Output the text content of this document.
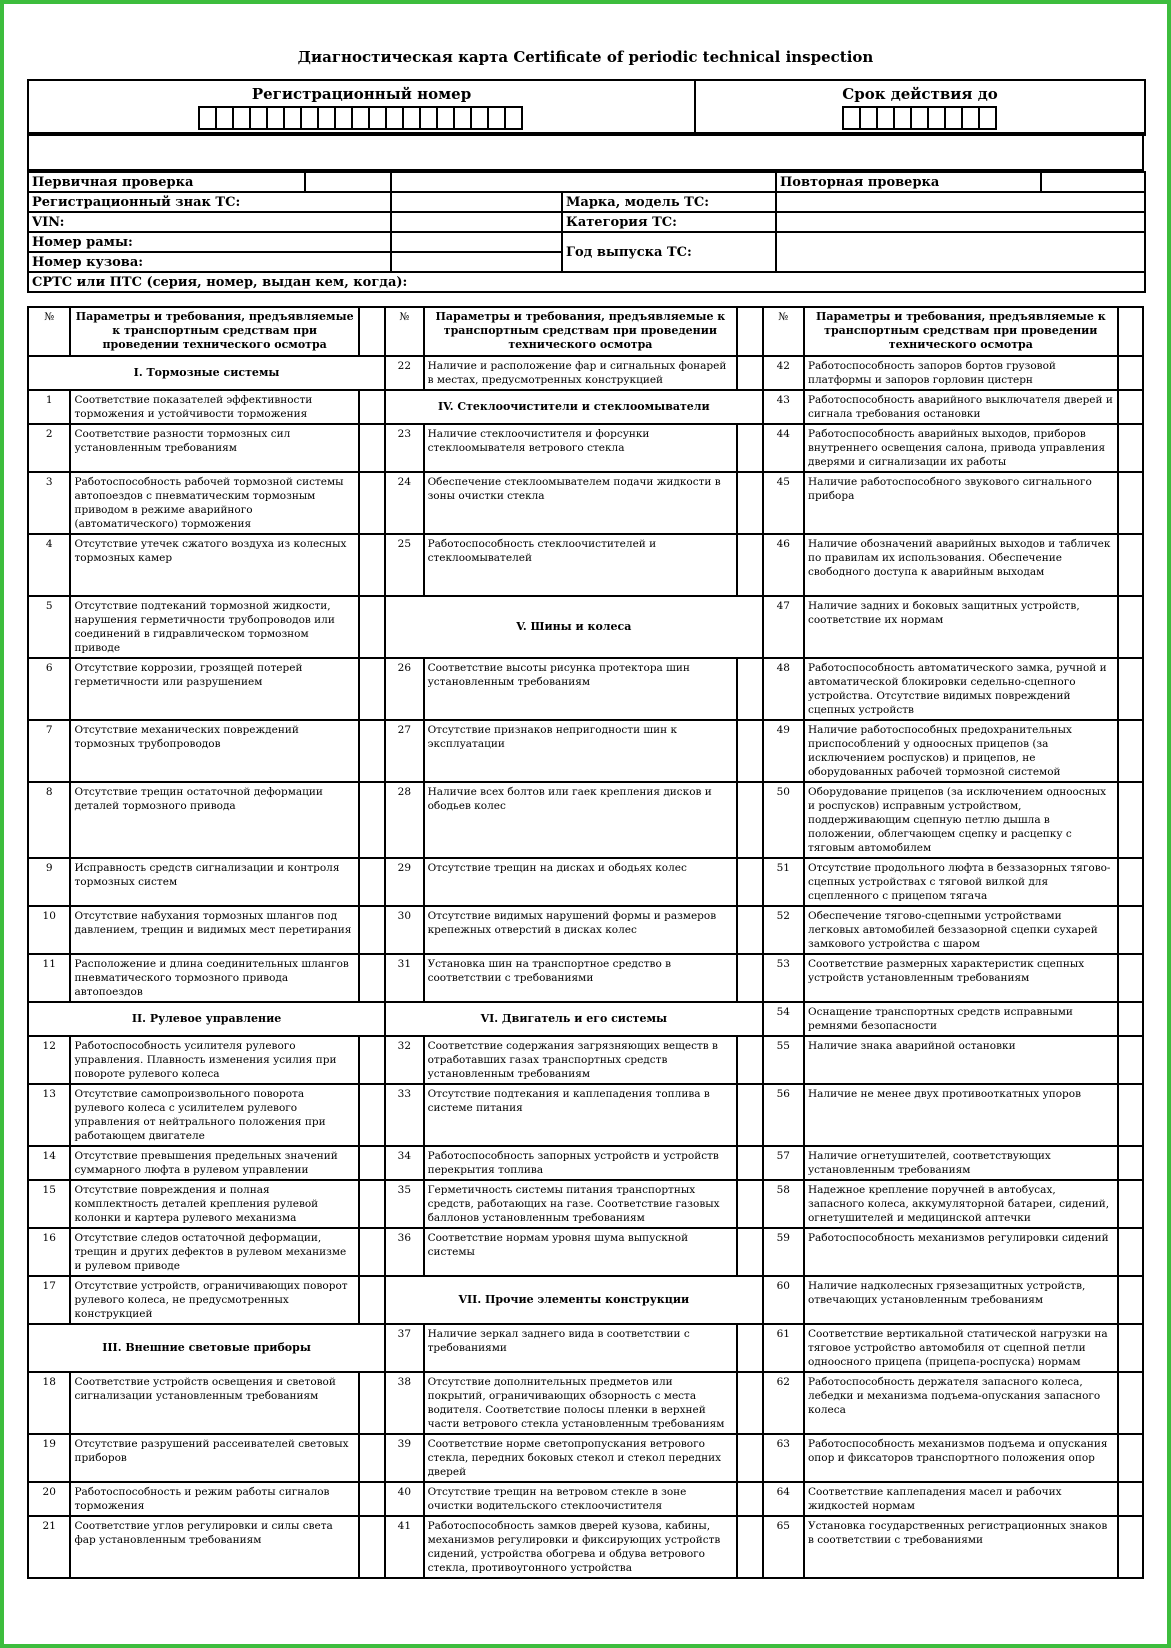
Диагностическая карта Certificate of periodic technical inspection
Регистрационный номер	Срок действия до
Первичная проверка				Повторная проверка	
Регистрационный знак ТС:			Марка, модель ТС:		
VIN:			Категория ТС:		
Номер рамы:			Год выпуска ТС:		
Номер кузова:					
СРТС или ПТС (серия, номер, выдан кем, когда):					
№	Параметры и требования, предъявляемые к транспортным средствам при проведении технического осмотра		№	Параметры и требования, предъявляемые к транспортным средствам при проведении технического осмотра		№	Параметры и требования, предъявляемые к транспортным средствам при проведении технического осмотра	
I. Тормозные системы			22	Наличие и расположение фар и сигнальных фонарей в местах, предусмотренных конструкцией		42	Работоспособность запоров бортов грузовой платформы и запоров горловин цистерн	
1	Соответствие показателей эффективности торможения и устойчивости торможения		IV. Стеклоочистители и стеклоомыватели			43	Работоспособность аварийного выключателя дверей и сигнала требования остановки	
2	Соответствие разности тормозных сил установленным требованиям		23	Наличие стеклоочистителя и форсунки стеклоомывателя ветрового стекла		44	Работоспособность аварийных выходов, приборов внутреннего освещения салона, привода управления дверями и сигнализации их работы	
3	Работоспособность рабочей тормозной системы автопоездов с пневматическим тормозным приводом в режиме аварийного (автоматического) торможения		24	Обеспечение стеклоомывателем подачи жидкости в зоны очистки стекла		45	Наличие работоспособного звукового сигнального прибора	
4	Отсутствие утечек сжатого воздуха из колесных тормозных камер		25	Работоспособность стеклоочистителей и стеклоомывателей		46	Наличие обозначений аварийных выходов и табличек по правилам их использования. Обеспечение свободного доступа к аварийным выходам	
5	Отсутствие подтеканий тормозной жидкости, нарушения герметичности трубопроводов или соединений в гидравлическом тормозном приводе		V. Шины и колеса			47	Наличие задних и боковых защитных устройств, соответствие их нормам	
6	Отсутствие коррозии, грозящей потерей герметичности или разрушением		26	Соответствие высоты рисунка протектора шин установленным требованиям		48	Работоспособность автоматического замка, ручной и автоматической блокировки седельно-сцепного устройства. Отсутствие видимых повреждений сцепных устройств	
7	Отсутствие механических повреждений тормозных трубопроводов		27	Отсутствие признаков непригодности шин к эксплуатации		49	Наличие работоспособных предохранительных приспособлений у одноосных прицепов (за исключением роспусков) и прицепов, не оборудованных рабочей тормозной системой	
8	Отсутствие трещин остаточной деформации деталей тормозного привода		28	Наличие всех болтов или гаек крепления дисков и ободьев колес		50	Оборудование прицепов (за исключением одноосных и роспусков) исправным устройством, поддерживающим сцепную петлю дышла в положении, облегчающем сцепку и расцепку с тяговым автомобилем	
9	Исправность средств сигнализации и контроля тормозных систем		29	Отсутствие трещин на дисках и ободьях колес		51	Отсутствие продольного люфта в беззазорных тягово-сцепных устройствах с тяговой вилкой для сцепленного с прицепом тягача	
10	Отсутствие набухания тормозных шлангов под давлением, трещин и видимых мест перетирания		30	Отсутствие видимых нарушений формы и размеров крепежных отверстий в дисках колес		52	Обеспечение тягово-сцепными устройствами легковых автомобилей беззазорной сцепки сухарей замкового устройства с шаром	
11	Расположение и длина соединительных шлангов пневматического тормозного привода автопоездов		31	Установка шин на транспортное средство в соответствии с требованиями		53	Соответствие размерных характеристик сцепных устройств установленным требованиям	
II. Рулевое управление			VI. Двигатель и его системы			54	Оснащение транспортных средств исправными ремнями безопасности	
12	Работоспособность усилителя рулевого управления. Плавность изменения усилия при повороте рулевого колеса		32	Соответствие содержания загрязняющих веществ в отработавших газах транспортных средств установленным требованиям		55	Наличие знака аварийной остановки	
13	Отсутствие самопроизвольного поворота рулевого колеса с усилителем рулевого управления от нейтрального положения при работающем двигателе		33	Отсутствие подтекания и каплепадения топлива в системе питания		56	Наличие не менее двух противооткатных упоров	
14	Отсутствие превышения предельных значений суммарного люфта в рулевом управлении		34	Работоспособность запорных устройств и устройств перекрытия топлива		57	Наличие огнетушителей, соответствующих установленным требованиям	
15	Отсутствие повреждения и полная комплектность деталей крепления рулевой колонки и картера рулевого механизма		35	Герметичность системы питания транспортных средств, работающих на газе. Соответствие газовых баллонов установленным требованиям		58	Надежное крепление поручней в автобусах, запасного колеса, аккумуляторной батареи, сидений, огнетушителей и медицинской аптечки	
16	Отсутствие следов остаточной деформации, трещин и других дефектов в рулевом механизме и рулевом приводе		36	Соответствие нормам уровня шума выпускной системы		59	Работоспособность механизмов регулировки сидений	
17	Отсутствие устройств, ограничивающих поворот рулевого колеса, не предусмотренных конструкцией		VII. Прочие элементы конструкции			60	Наличие надколесных грязезащитных устройств, отвечающих установленным требованиям	
III. Внешние световые приборы			37	Наличие зеркал заднего вида в соответствии с требованиями		61	Соответствие вертикальной статической нагрузки на тяговое устройство автомобиля от сцепной петли одноосного прицепа (прицепа-роспуска) нормам	
18	Соответствие устройств освещения и световой сигнализации установленным требованиям		38	Отсутствие дополнительных предметов или покрытий, ограничивающих обзорность с места водителя. Соответствие полосы пленки в верхней части ветрового стекла установленным требованиям		62	Работоспособность держателя запасного колеса, лебедки и механизма подъема-опускания запасного колеса	
19	Отсутствие разрушений рассеивателей световых приборов		39	Соответствие норме светопропускания ветрового стекла, передних боковых стекол и стекол передних дверей		63	Работоспособность механизмов подъема и опускания опор и фиксаторов транспортного положения опор	
20	Работоспособность и режим работы сигналов торможения		40	Отсутствие трещин на ветровом стекле в зоне очистки водительского стеклоочистителя		64	Соответствие каплепадения масел и рабочих жидкостей нормам	
21	Соответствие углов регулировки и силы света фар установленным требованиям		41	Работоспособность замков дверей кузова, кабины, механизмов регулировки и фиксирующих устройств сидений, устройства обогрева и обдува ветрового стекла, противоугонного устройства		65	Установка государственных регистрационных знаков в соответствии с требованиями	
